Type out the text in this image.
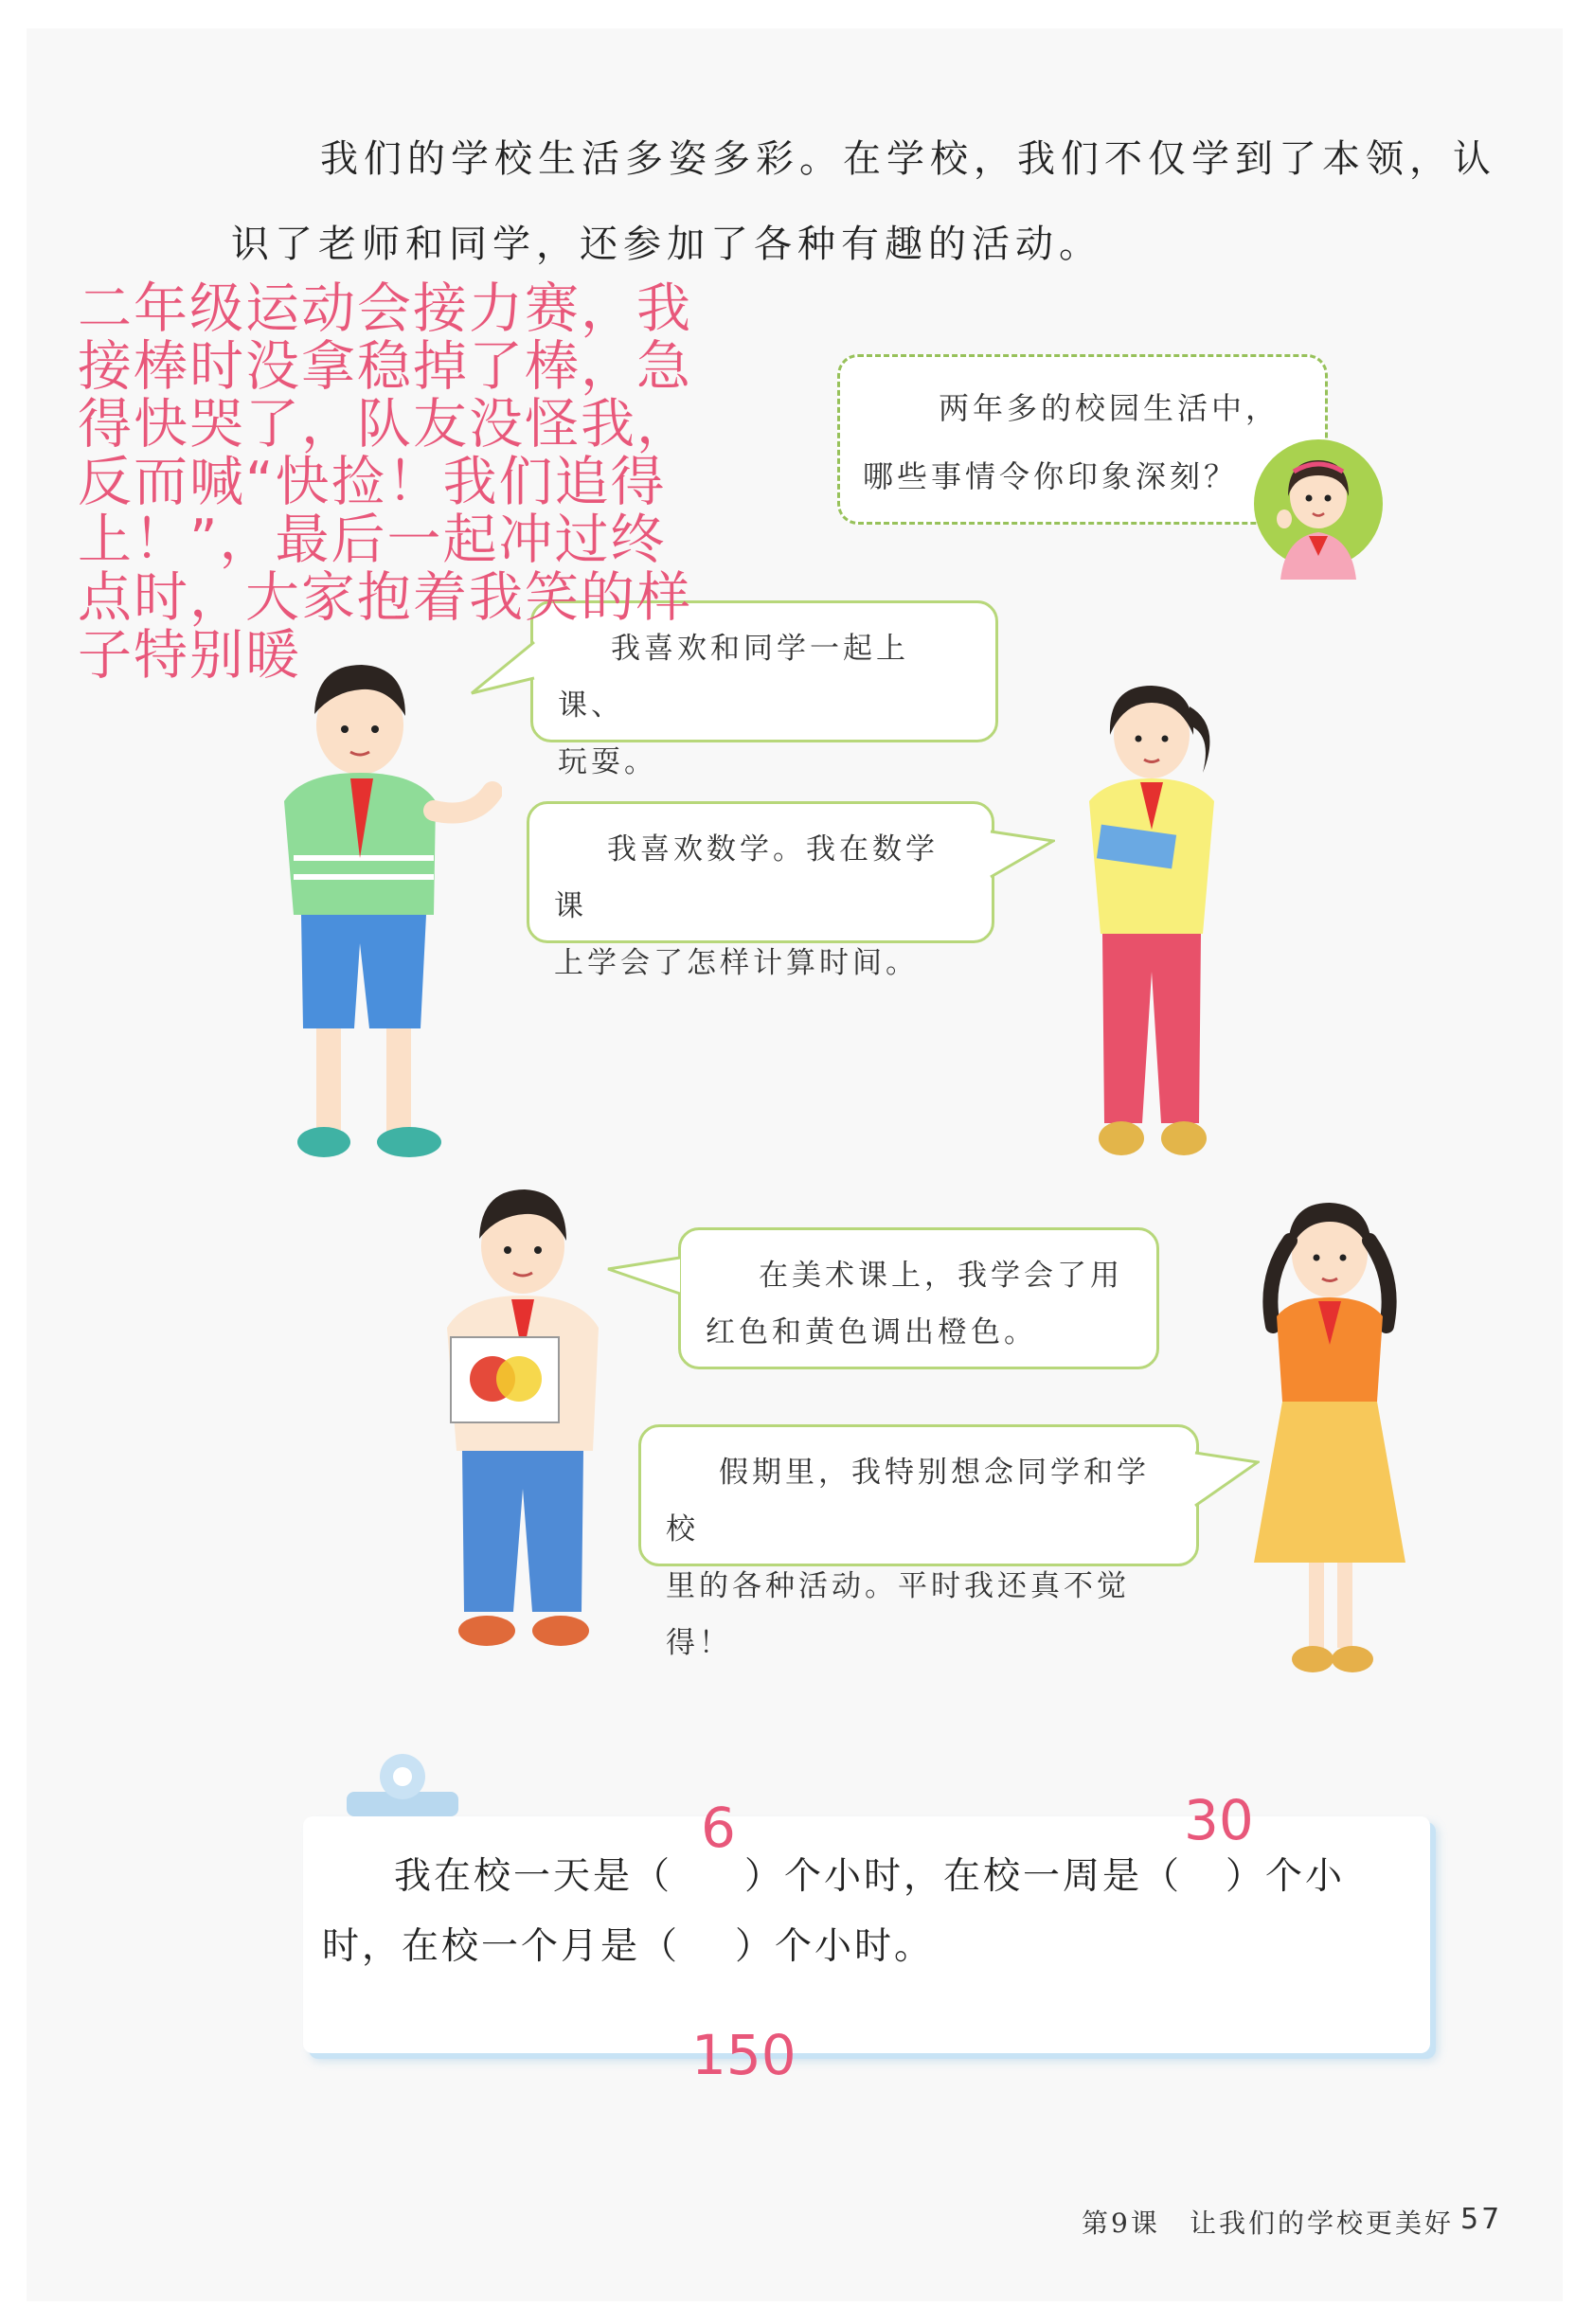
我们的学校生活多姿多彩。在学校，我们不仅学到了本领，认
识了老师和同学，还参加了各种有趣的活动。
两年多的校园生活中，
哪些事情令你印象深刻？
二年级运动会接力赛，我接棒时没拿稳掉了棒，急得快哭了，队友没怪我，反而喊“快捡！我们追得上！”，最后一起冲过终点时，大家抱着我笑的样子特别暖	我喜欢和同学一起上课、
玩耍。
我喜欢数学。我在数学课
上学会了怎样计算时间。
在美术课上，我学会了用
红色和黄色调出橙色。
假期里，我特别想念同学和学校
里的各种活动。平时我还真不觉得！
我在校一天是（ ）个小时，在校一周是（ ）个小
时，在校一个月是（ ）个小时。
6	30
150
第9课 让我们的学校更美好 57
